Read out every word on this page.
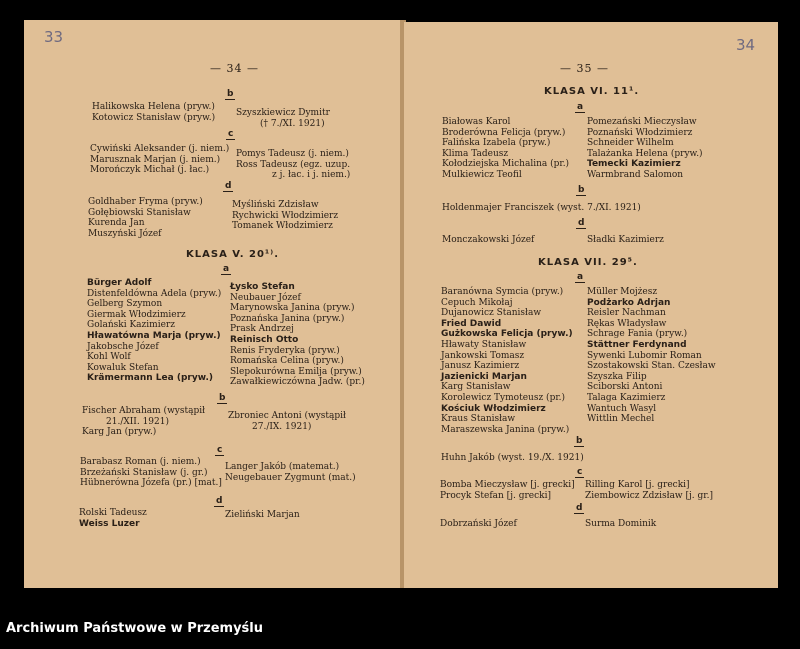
33
— 34 —
b
Halikowska Helena (pryw.)
Kotowicz Stanisław (pryw.) Szyszkiewicz Dymitr
(† 7./XI. 1921)
c
Cywiński Aleksander (j. niem.)
Marusznak Marjan (j. niem.)
Morończyk Michał (j. łac.)
Pomys Tadeusz (j. niem.)
Ross Tadeusz (egz. uzup.
z j. łac. i j. niem.)
d
Goldhaber Fryma (pryw.)
Gołębiowski Stanisław
Kurenda Jan
Muszyński Józef
Myśliński Zdzisław
Rychwicki Włodzimierz
Tomanek Włodzimierz
KLASA V. 20¹⁾.
a
Bürger Adolf
Distenfeldówna Adela (pryw.)
Gelberg Szymon
Giermak Włodzimierz
Golański Kazimierz
Hławatówna Marja (pryw.)
Jakobsche Józef
Kohl Wolf
Kowaluk Stefan
Krämermann Lea (pryw.)
Łysko Stefan
Neubauer Józef
Marynowska Janina (pryw.)
Poznańska Janina (pryw.)
Prask Andrzej
Reinisch Otto
Renis Fryderyka (pryw.)
Romańska Celina (pryw.)
Slepokurówna Emilja (pryw.)
Zawałkiewiczówna Jadw. (pr.)
b
Fischer Abraham (wystąpił
21./XII. 1921)
Karg Jan (pryw.)
Zbroniec Antoni (wystąpił
27./IX. 1921)
c
Barabasz Roman (j. niem.)
Brzeżański Stanisław (j. gr.)
Hübnerówna Józefa (pr.) [mat.]
Langer Jakób (matemat.)
Neugebauer Zygmunt (mat.)
d
Rolski Tadeusz
Weiss Luzer
Zieliński Marjan
34
— 35 —
KLASA VI. 11¹.
a
Białowas Karol
Broderówna Felicja (pryw.)
Falińska Izabela (pryw.)
Klima Tadeusz
Kołodziejska Michalina (pr.)
Mulkiewicz Teofil
Pomezański Mieczysław
Poznański Włodzimierz
Schneider Wilhelm
Talażanka Helena (pryw.)
Temecki Kazimierz
Warmbrand Salomon
b
Holdenmajer Franciszek (wyst. 7./XI. 1921)
d
Monczakowski Józef	Sładki Kazimierz
KLASA VII. 29⁵.
a
Baranówna Symcia (pryw.)
Cepuch Mikołaj
Dujanowicz Stanisław
Fried Dawid
Gużkowska Felicja (pryw.)
Hławaty Stanisław
Jankowski Tomasz
Janusz Kazimierz
Jazienicki Marjan
Karg Stanisław
Korolewicz Tymoteusz (pr.)
Kościuk Włodzimierz
Kraus Stanisław
Maraszewska Janina (pryw.)
Müller Mojżesz
Podżarko Adrjan
Reisler Nachman
Rękas Władysław
Schrage Fania (pryw.)
Stättner Ferdynand
Sywenki Lubomir Roman
Szostakowski Stan. Czesław
Szyszka Filip
Sciborski Antoni
Talaga Kazimierz
Wantuch Wasyl
Wittlin Mechel
b
Huhn Jakób (wyst. 19./X. 1921)
c
Bomba Mieczysław [j. grecki]
Procyk Stefan [j. grecki]
Rilling Karol [j. grecki]
Ziembowicz Zdzisław [j. gr.]
d
Dobrzański Józef	Surma Dominik
Archiwum Państwowe w Przemyślu
